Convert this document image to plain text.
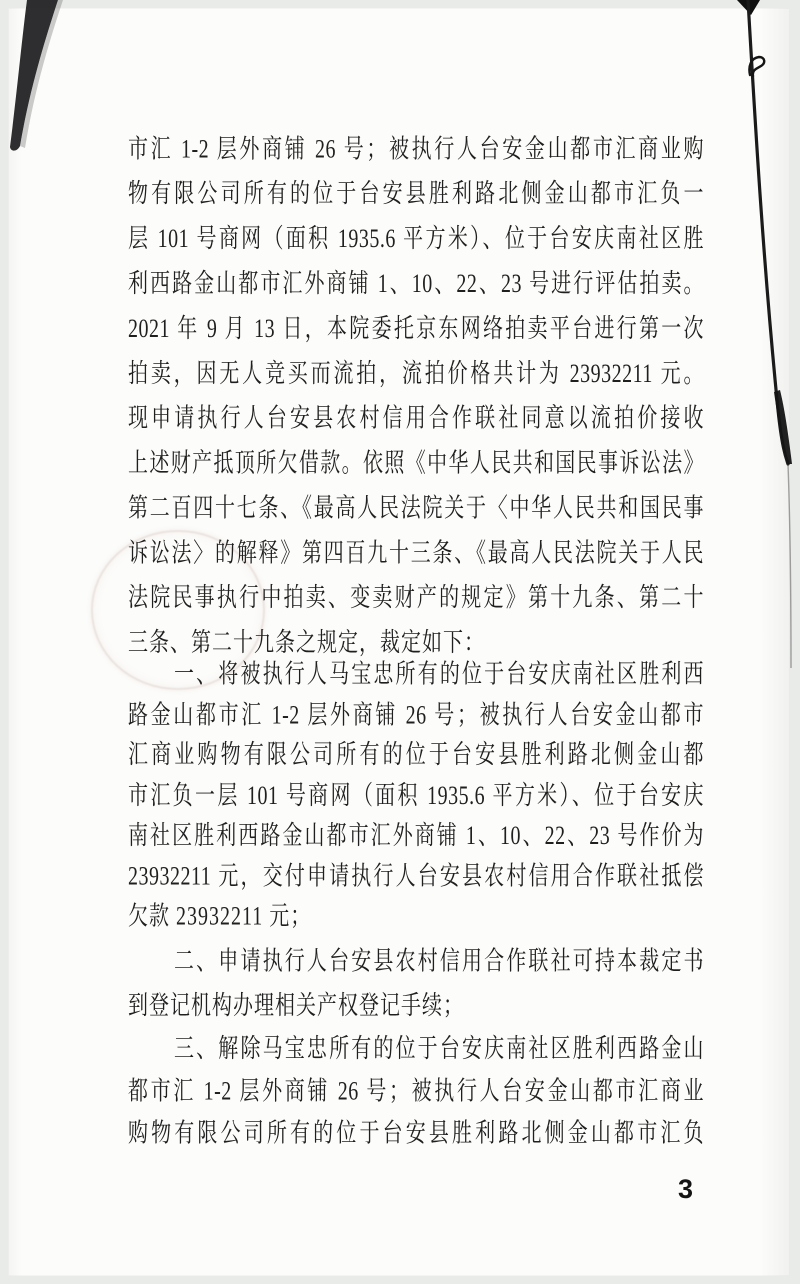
3
市汇 1-2 层外商铺 26 号；被执行人台安金山都市汇商业购
物有限公司所有的位于台安县胜利路北侧金山都市汇负一
层 101 号商网（面积 1935.6 平方米）、位于台安庆南社区胜
利西路金山都市汇外商铺 1、10、22、23 号进行评估拍卖。
2021 年 9 月 13 日，本院委托京东网络拍卖平台进行第一次
拍卖，因无人竞买而流拍，流拍价格共计为 23932211 元。
现申请执行人台安县农村信用合作联社同意以流拍价接收
上述财产抵顶所欠借款。依照《中华人民共和国民事诉讼法》
第二百四十七条、《最高人民法院关于〈中华人民共和国民事
诉讼法〉的解释》第四百九十三条、《最高人民法院关于人民
法院民事执行中拍卖、变卖财产的规定》第十九条、第二十
三条、第二十九条之规定，裁定如下：
一、将被执行人马宝忠所有的位于台安庆南社区胜利西
路金山都市汇 1-2 层外商铺 26 号；被执行人台安金山都市
汇商业购物有限公司所有的位于台安县胜利路北侧金山都
市汇负一层 101 号商网（面积 1935.6 平方米）、位于台安庆
南社区胜利西路金山都市汇外商铺 1、10、22、23 号作价为
23932211 元，交付申请执行人台安县农村信用合作联社抵偿
欠款 23932211 元；
二、申请执行人台安县农村信用合作联社可持本裁定书
到登记机构办理相关产权登记手续；
三、解除马宝忠所有的位于台安庆南社区胜利西路金山
都市汇 1-2 层外商铺 26 号；被执行人台安金山都市汇商业
购物有限公司所有的位于台安县胜利路北侧金山都市汇负
